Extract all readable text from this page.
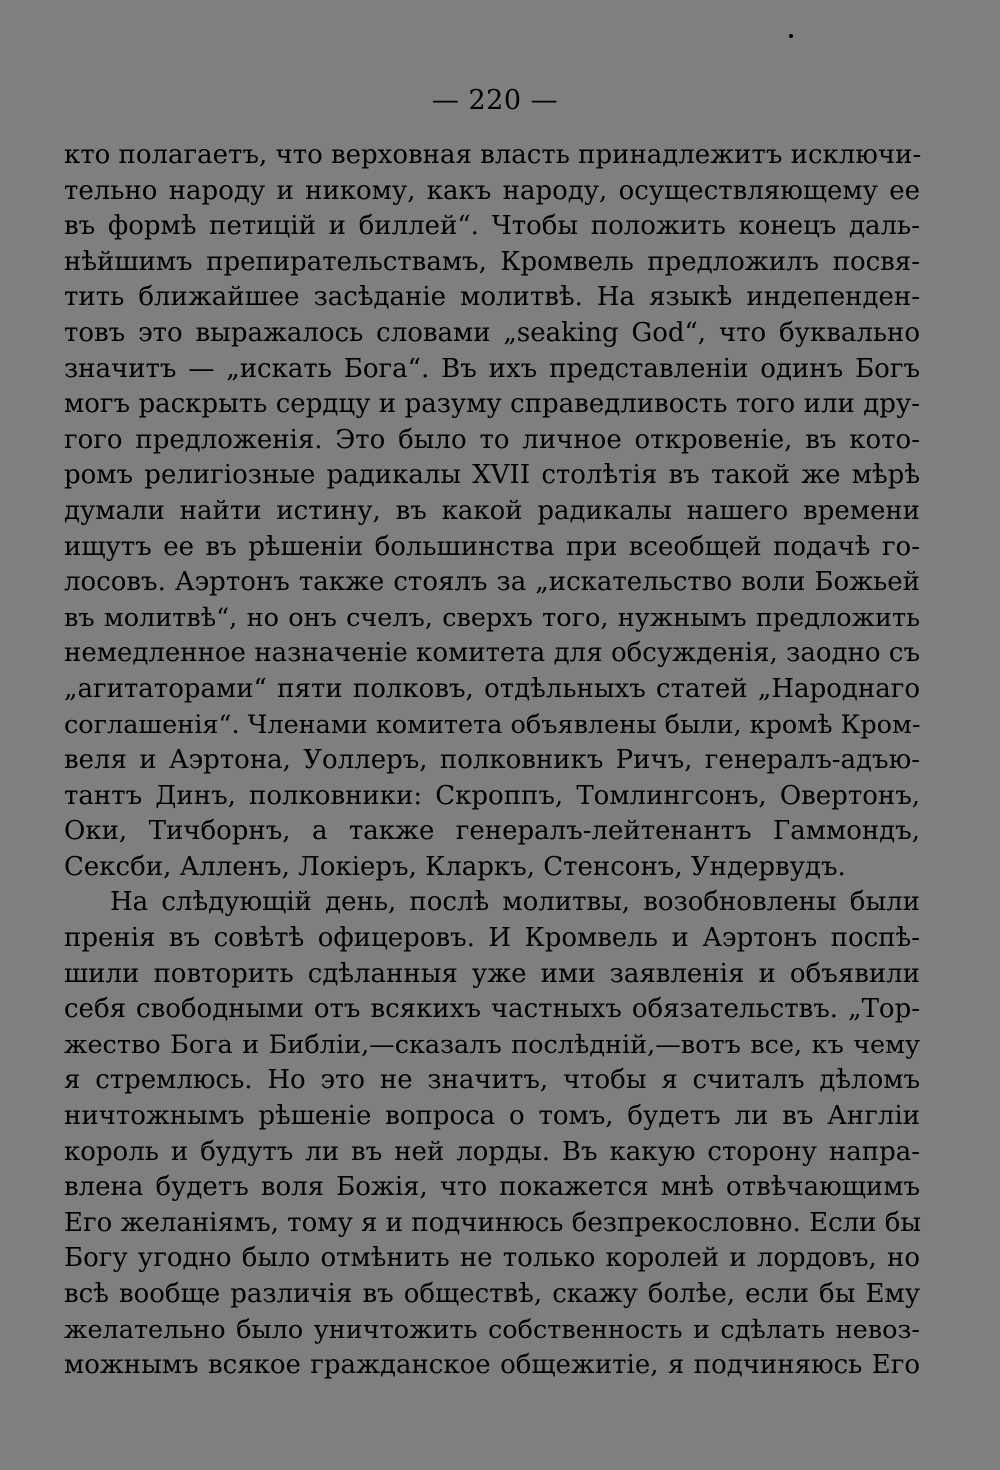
— 220 —
кто полагаетъ, что верховная власть принадлежитъ исключи-
тельно народу и никому, какъ народу, осуществляющему ее
въ формѣ петицій и биллей“. Чтобы положить конецъ даль-
нѣйшимъ препирательствамъ, Кромвель предложилъ посвя-
тить ближайшее засѣданіе молитвѣ. На языкѣ индепенден-
товъ это выражалось словами „seaking God“, что буквально
значитъ — „искать Бога“. Въ ихъ представленіи одинъ Богъ
могъ раскрыть сердцу и разуму справедливость того или дру-
гого предложенія. Это было то личное откровеніе, въ кото-
ромъ религіозные радикалы XVII столѣтія въ такой же мѣрѣ
думали найти истину, въ какой радикалы нашего времени
ищутъ ее въ рѣшеніи большинства при всеобщей подачѣ го-
лосовъ. Аэртонъ также стоялъ за „искательство воли Божьей
въ молитвѣ“, но онъ счелъ, сверхъ того, нужнымъ предложить
немедленное назначеніе комитета для обсужденія, заодно съ
„агитаторами“ пяти полковъ, отдѣльныхъ статей „Народнаго
соглашенія“. Членами комитета объявлены были, кромѣ Кром-
веля и Аэртона, Уоллеръ, полковникъ Ричъ, генералъ-адъю-
тантъ Динъ, полковники: Скроппъ, Томлингсонъ, Овертонъ,
Оки, Тичборнъ, а также генералъ-лейтенантъ Гаммондъ,
Сексби, Алленъ, Локіеръ, Кларкъ, Стенсонъ, Ундервудъ.
На слѣдующій день, послѣ молитвы, возобновлены были
пренія въ совѣтѣ офицеровъ. И Кромвель и Аэртонъ поспѣ-
шили повторить сдѣланныя уже ими заявленія и объявили
себя свободными отъ всякихъ частныхъ обязательствъ. „Тор-
жество Бога и Библіи,—сказалъ послѣдній,—вотъ все, къ чему
я стремлюсь. Но это не значитъ, чтобы я считалъ дѣломъ
ничтожнымъ рѣшеніе вопроса о томъ, будетъ ли въ Англіи
король и будутъ ли въ ней лорды. Въ какую сторону напра-
влена будетъ воля Божія, что покажется мнѣ отвѣчающимъ
Его желаніямъ, тому я и подчинюсь безпрекословно. Если бы
Богу угодно было отмѣнить не только королей и лордовъ, но
всѣ вообще различія въ обществѣ, скажу болѣе, если бы Ему
желательно было уничтожить собственность и сдѣлать невоз-
можнымъ всякое гражданское общежитіе, я подчиняюсь Его
